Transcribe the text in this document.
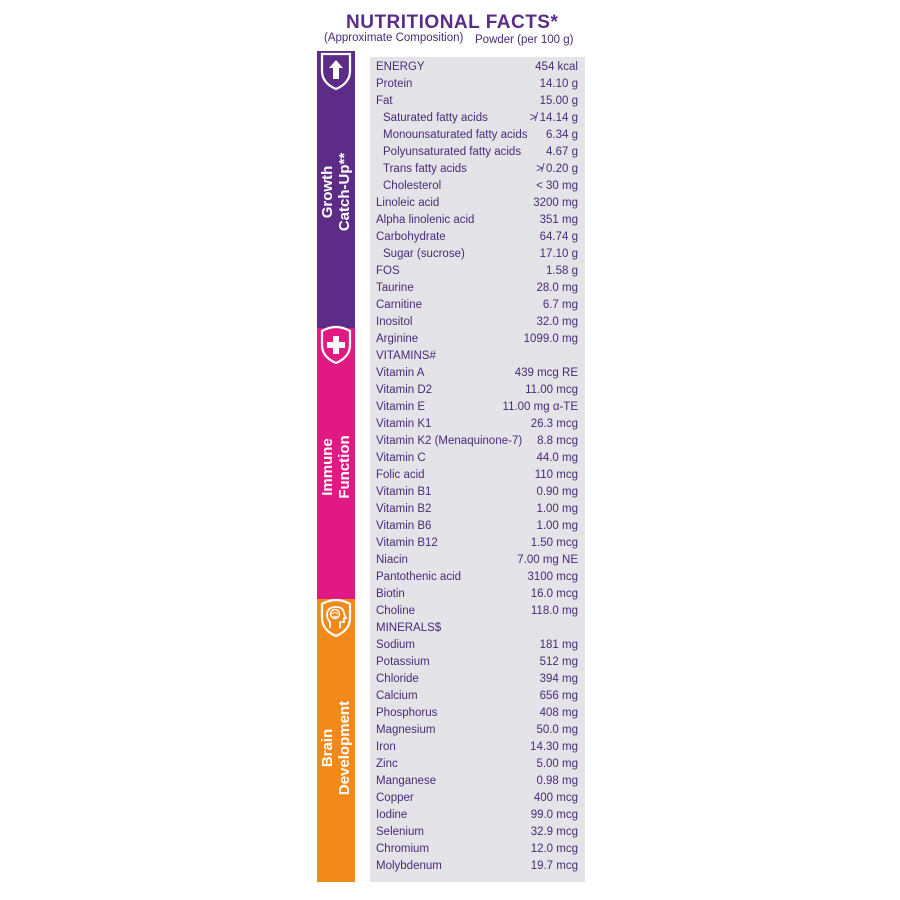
NUTRITIONAL FACTS*
(Approximate Composition) Powder (per 100 g)
Growth Catch-Up**
Immune Function
Brain Development
ENERGY	454 kcal
Protein	14.10 g
Fat	15.00 g
Saturated fatty acids	≯ 14.14 g
Monounsaturated fatty acids 6.34 g
Polyunsaturated fatty acids 4.67 g
Trans fatty acids	≯ 0.20 g
Cholesterol	< 30 mg
Linoleic acid	3200 mg
Alpha linolenic acid	351 mg
Carbohydrate	64.74 g
Sugar (sucrose)	17.10 g
FOS	1.58 g
Taurine	28.0 mg
Carnitine	6.7 mg
Inositol	32.0 mg
Arginine	1099.0 mg
VITAMINS#
Vitamin A	439 mcg RE
Vitamin D2	11.00 mcg
Vitamin E	11.00 mg α-TE
Vitamin K1	26.3 mcg
Vitamin K2 (Menaquinone-7) 8.8 mcg
Vitamin C	44.0 mg
Folic acid	110 mcg
Vitamin B1	0.90 mg
Vitamin B2	1.00 mg
Vitamin B6	1.00 mg
Vitamin B12	1.50 mcg
Niacin	7.00 mg NE
Pantothenic acid	3100 mcg
Biotin	16.0 mcg
Choline	118.0 mg
MINERALS$
Sodium	181 mg
Potassium	512 mg
Chloride	394 mg
Calcium	656 mg
Phosphorus	408 mg
Magnesium	50.0 mg
Iron	14.30 mg
Zinc	5.00 mg
Manganese	0.98 mg
Copper	400 mcg
Iodine	99.0 mcg
Selenium	32.9 mcg
Chromium	12.0 mcg
Molybdenum	19.7 mcg
